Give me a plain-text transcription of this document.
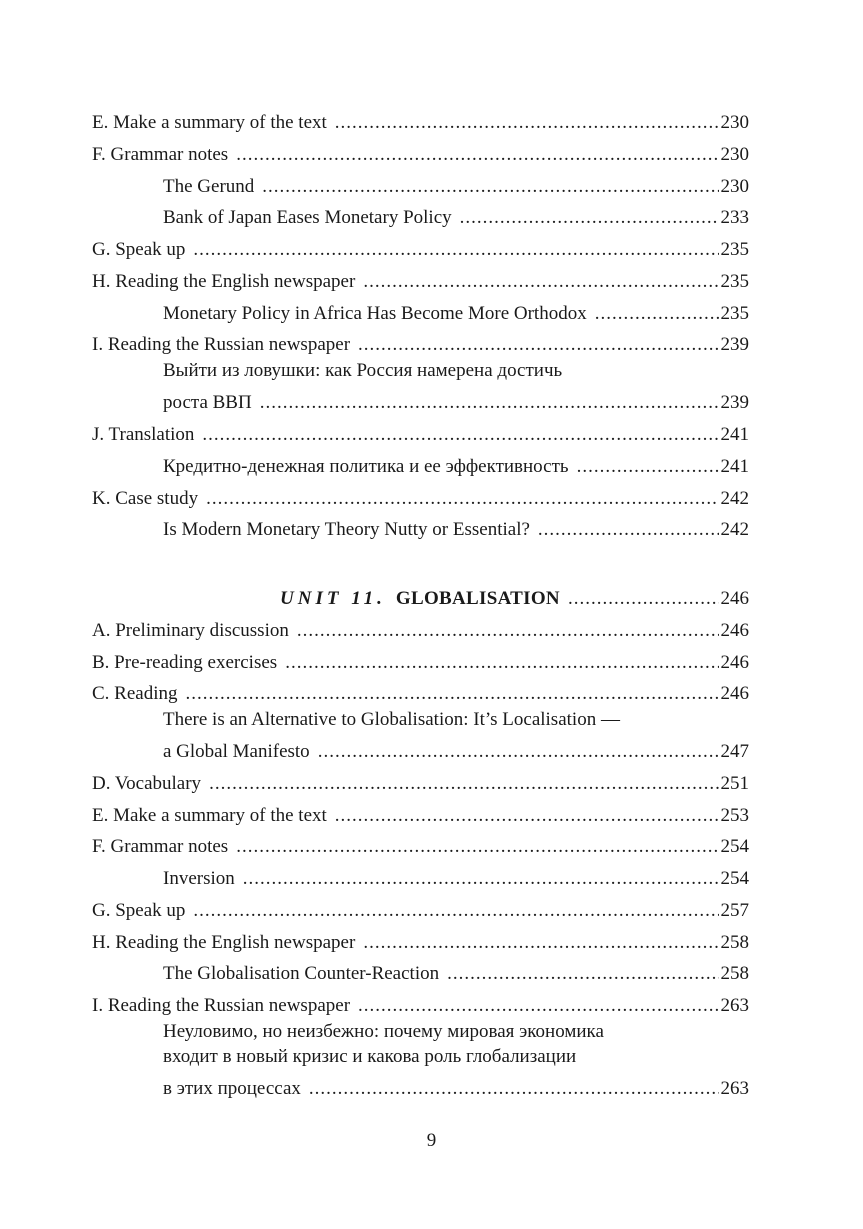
E. Make a summary of the text .....	230
F. Grammar notes .....	230
The Gerund .....	230
Bank of Japan Eases Monetary Policy .....	233
G. Speak up .....	235
H. Reading the English newspaper .....	235
Monetary Policy in Africa Has Become More Orthodox .....	235
I. Reading the Russian newspaper .....	239
Выйти из ловушки: как Россия намерена достичь
роста ВВП .....	239
J. Translation .....	241
Кредитно-денежная политика и ее эффективность .....	241
K. Case study .....	242
Is Modern Monetary Theory Nutty or Essential? .....	242
UNIT 11. GLOBALISATION .....	246
A. Preliminary discussion .....	246
B. Pre-reading exercises .....	246
C. Reading .....	246
There is an Alternative to Globalisation: It’s Localisation —
a Global Manifesto .....	247
D. Vocabulary .....	251
E. Make a summary of the text .....	253
F. Grammar notes .....	254
Inversion .....	254
G. Speak up .....	257
H. Reading the English newspaper .....	258
The Globalisation Counter-Reaction .....	258
I. Reading the Russian newspaper .....	263
Неуловимо, но неизбежно: почему мировая экономика
входит в новый кризис и какова роль глобализации
в этих процессах .....	263
9
